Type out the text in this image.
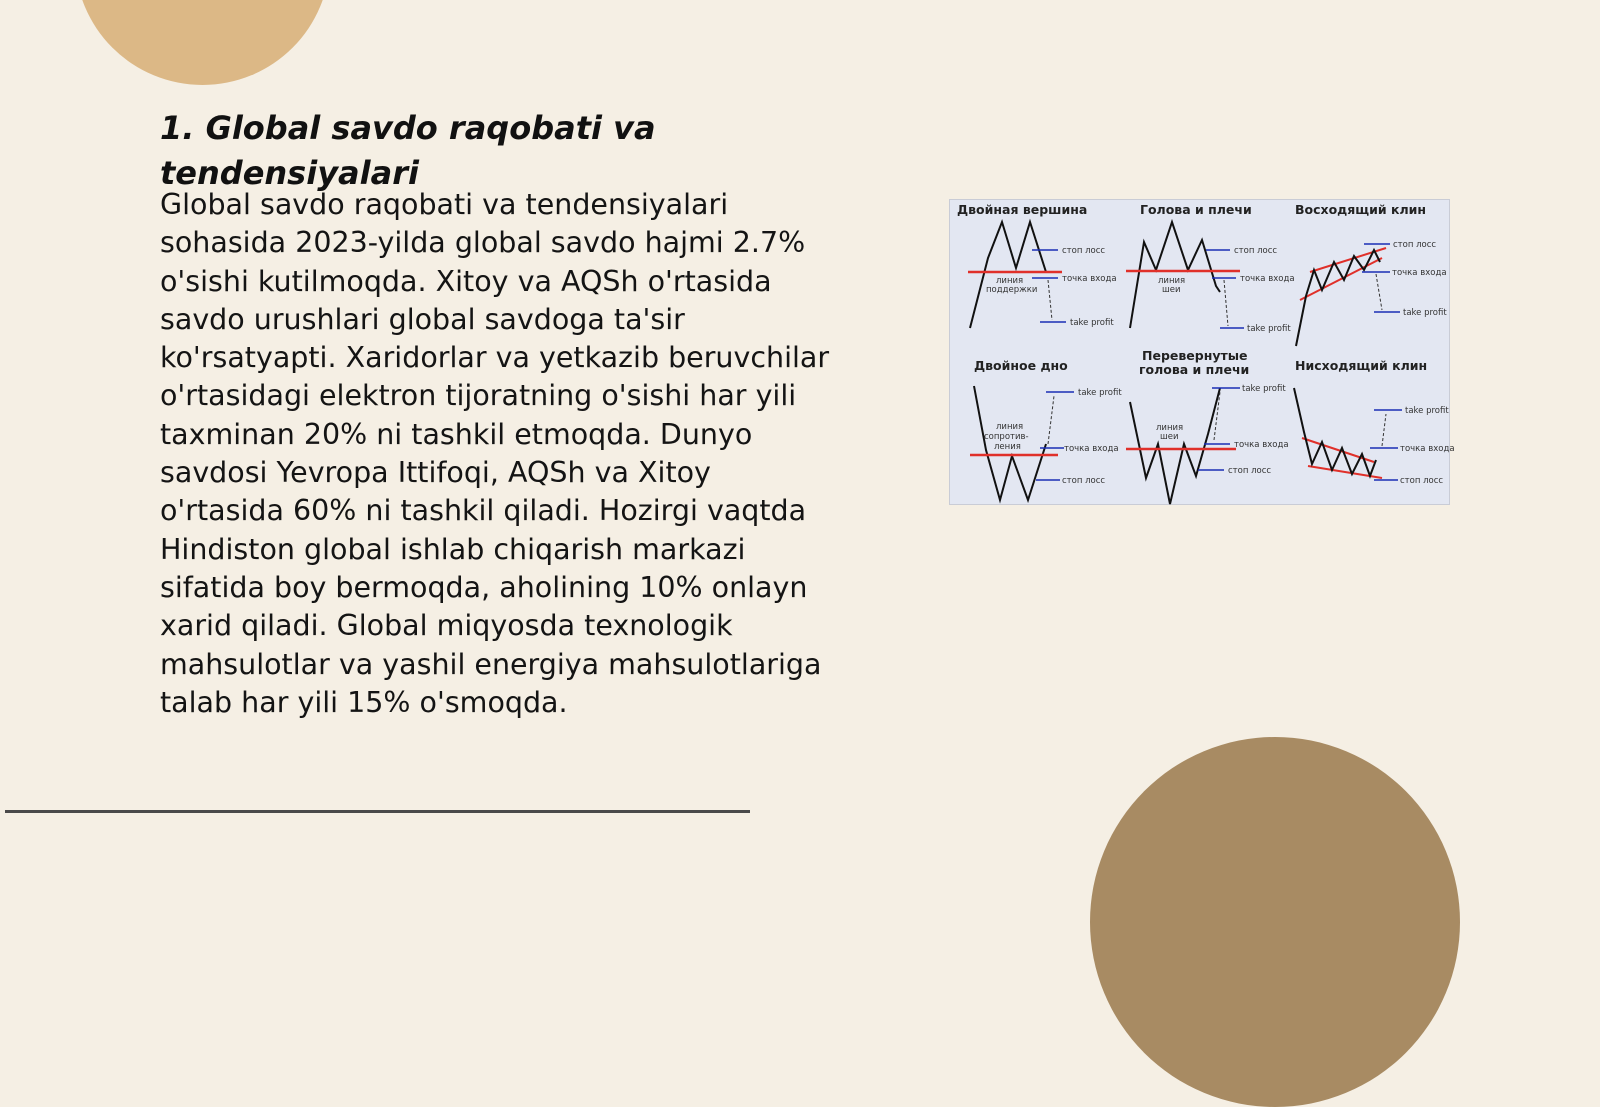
1. Global savdo raqobati va tendensiyalari

Global savdo raqobati va tendensiyalari sohasida 2023-yilda global savdo hajmi 2.7% o'sishi kutilmoqda. Xitoy va AQSh o'rtasida savdo urushlari global savdoga ta'sir ko'rsatyapti. Xaridorlar va yetkazib beruvchilar o'rtasidagi elektron tijoratning o'sishi har yili taxminan 20% ni tashkil etmoqda. Dunyo savdosi Yevropa Ittifoqi, AQSh va Xitoy o'rtasida 60% ni tashkil qiladi. Hozirgi vaqtda Hindiston global ishlab chiqarish markazi sifatida boy bermoqda, aholining 10% onlayn xarid qiladi. Global miqyosda texnologik mahsulotlar va yashil energiya mahsulotlariga talab har yili 15% o'smoqda.

Двойная вершина
стоп лосс
точка входа
take profit
линия
поддержки
Голова и плечи
стоп лосс
точка входа
take profit
линия
шеи
Восходящий клин
стоп лосс
точка входа
take profit
Двойное дно
take profit
точка входа
стоп лосс
линия
сопротив-
ления
Перевернутые
голова и плечи
take profit
точка входа
стоп лосс
линия
шеи
Нисходящий клин
take profit
точка входа
стоп лосс
